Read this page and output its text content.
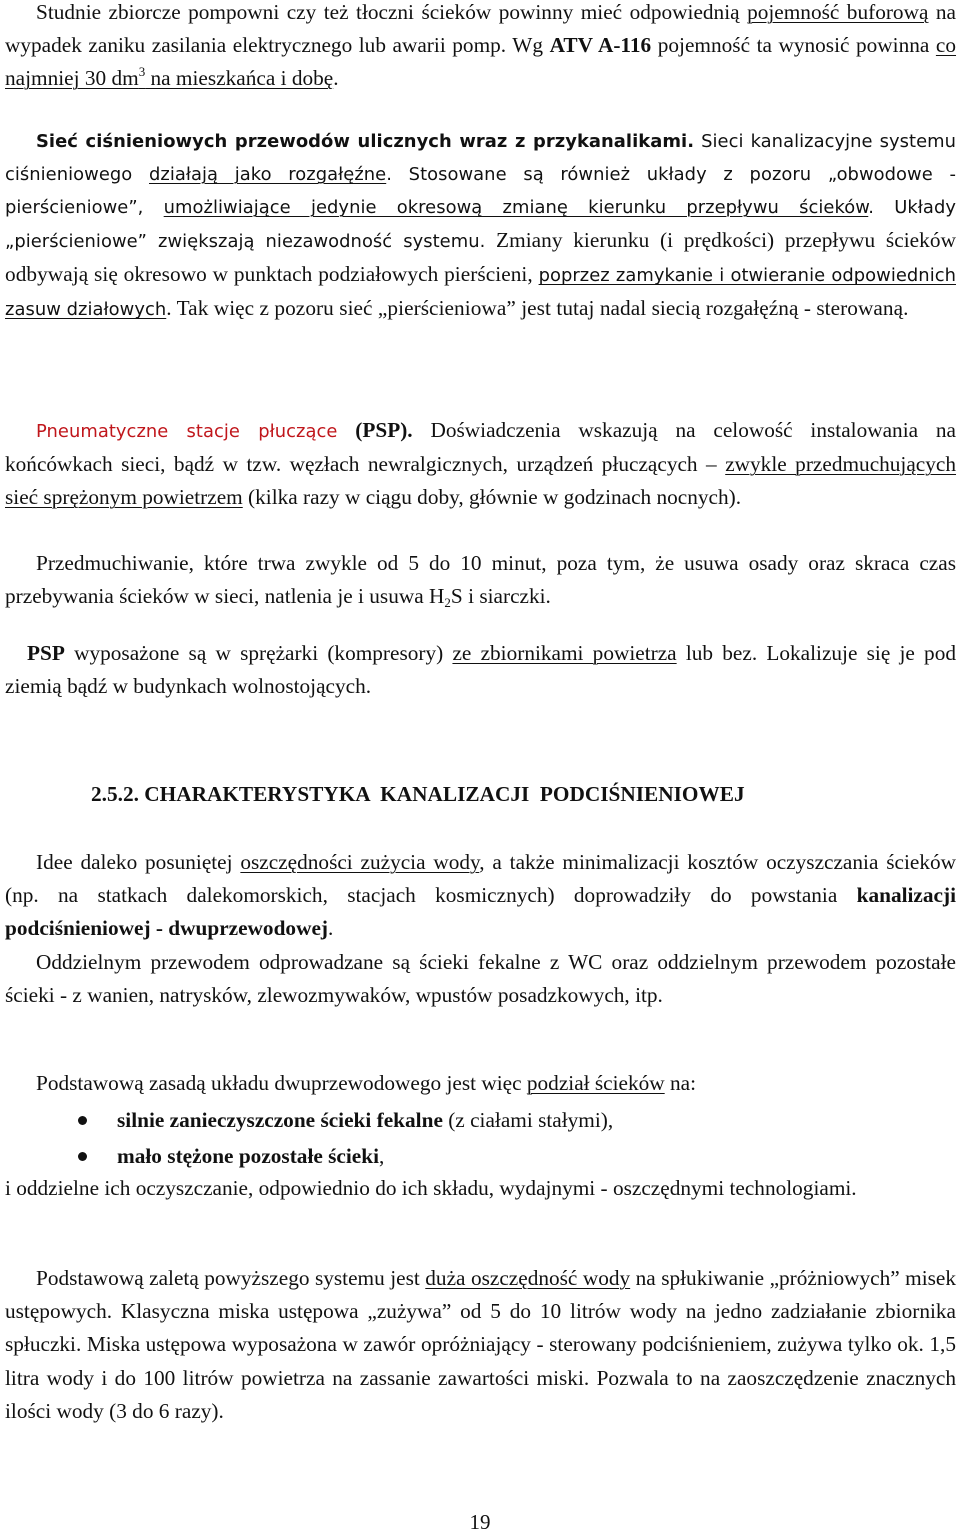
Studnie zbiorcze pompowni czy też tłoczni ścieków powinny mieć odpowiednią pojemność buforową na wypadek zaniku zasilania elektrycznego lub awarii pomp. Wg ATV A-116 pojemność ta wynosić powinna co najmniej 30 $dm^3$ na mieszkańca i dobę.

Sieć ciśnieniowych przewodów ulicznych wraz z przykanalikami. Sieci kanalizacyjne systemu ciśnieniowego działają jako rozgałęźne. Stosowane są również układy z pozoru „obwodowe - pierścieniowe”, umożliwiające jedynie okresową zmianę kierunku przepływu ścieków. Układy „pierścieniowe” zwiększają niezawodność systemu. Zmiany kierunku (i prędkości) przepływu ścieków odbywają się okresowo w punktach podziałowych pierścieni, poprzez zamykanie i otwieranie odpowiednich zasuw działowych. Tak więc z pozoru sieć „pierścieniowa” jest tutaj nadal siecią rozgałęźną - sterowaną.

Pneumatyczne stacje płuczące (PSP). Doświadczenia wskazują na celowość instalowania na końcówkach sieci, bądź w tzw. węzłach newralgicznych, urządzeń płuczących – zwykle przedmuchujących sieć sprężonym powietrzem (kilka razy w ciągu doby, głównie w godzinach nocnych).

Przedmuchiwanie, które trwa zwykle od 5 do 10 minut, poza tym, że usuwa osady oraz skraca czas przebywania ścieków w sieci, natlenia je i usuwa $H_2S$ i siarczki.

PSP wyposażone są w sprężarki (kompresory) ze zbiornikami powietrza lub bez. Lokalizuje się je pod ziemią bądź w budynkach wolnostojących.

2.5.2. CHARAKTERYSTYKA  KANALIZACJI  PODCIŚNIENIOWEJ

Idee daleko posuniętej oszczędności zużycia wody, a także minimalizacji kosztów oczyszczania ścieków (np. na statkach dalekomorskich, stacjach kosmicznych) doprowadziły do powstania kanalizacji podciśnieniowej - dwuprzewodowej.

Oddzielnym przewodem odprowadzane są ścieki fekalne z WC oraz oddzielnym przewodem pozostałe ścieki - z wanien, natrysków, zlewozmywaków, wpustów posadzkowych, itp.

Podstawową zasadą układu dwuprzewodowego jest więc podział ścieków na:

silnie zanieczyszczone ścieki fekalne (z ciałami stałymi),
mało stężone pozostałe ścieki,

i oddzielne ich oczyszczanie, odpowiednio do ich składu, wydajnymi - oszczędnymi technologiami.

Podstawową zaletą powyższego systemu jest duża oszczędność wody na spłukiwanie „próżniowych” misek ustępowych. Klasyczna miska ustępowa „zużywa” od 5 do 10 litrów wody na jedno zadziałanie zbiornika spłuczki. Miska ustępowa wyposażona w zawór opróżniający - sterowany podciśnieniem, zużywa tylko ok. 1,5 litra wody i do 100 litrów powietrza na zassanie zawartości miski. Pozwala to na zaoszczędzenie znacznych ilości wody (3 do 6 razy).

19
